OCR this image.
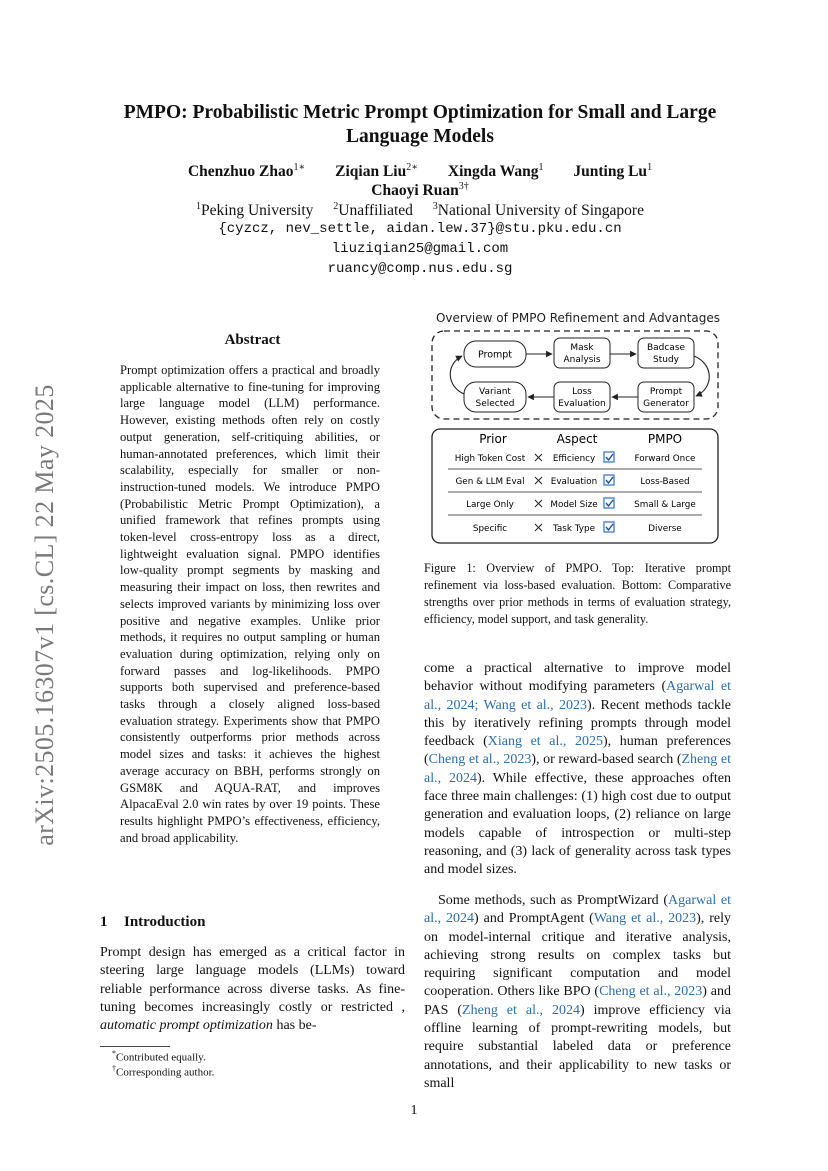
arXiv:2505.16307v1 [cs.CL] 22 May 2025
PMPO: Probabilistic Metric Prompt Optimization for Small and Large
Language Models
Chenzhuo Zhao$^{1∗}$ Ziqian Liu$^{2∗}$ Xingda Wang$^1$ Junting Lu$^1$
Chaoyi Ruan$^{3\dagger}$
$^1$Peking University $^2$Unaffiliated $^3$National University of Singapore
{cyzcz, nev_settle, aidan.lew.37}@stu.pku.edu.cn
liuziqian25@gmail.com
ruancy@comp.nus.edu.sg
Abstract

Prompt optimization offers a practical and broadly applicable alternative to fine-tuning for improving large language model (LLM) performance. However, existing methods often rely on costly output generation, self-critiquing abilities, or human-annotated preferences, which limit their scalability, especially for smaller or non-instruction-tuned models. We introduce PMPO (Probabilistic Metric Prompt Optimization), a unified framework that refines prompts using token-level cross-entropy loss as a direct, lightweight evaluation signal. PMPO identifies low-quality prompt segments by masking and measuring their impact on loss, then rewrites and selects improved variants by minimizing loss over positive and negative examples. Unlike prior methods, it requires no output sampling or human evaluation during optimization, relying only on forward passes and log-likelihoods. PMPO supports both supervised and preference-based tasks through a closely aligned loss-based evaluation strategy. Experiments show that PMPO consistently outperforms prior methods across model sizes and tasks: it achieves the highest average accuracy on BBH, performs strongly on GSM8K and AQUA-RAT, and improves AlpacaEval 2.0 win rates by over 19 points. These results highlight PMPO’s effectiveness, efficiency, and broad applicability.

1 Introduction

Prompt design has emerged as a critical factor in steering large language models (LLMs) toward reliable performance across diverse tasks. As fine-tuning becomes increasingly costly or restricted , automatic prompt optimization has be-

*Contributed equally.
†Corresponding author.
Overview of PMPO Refinement and Advantages
Prompt
Mask
Analysis
Badcase
Study
Variant
Selected
Loss
Evaluation
Prompt
Generator
Prior	Aspect	PMPO
High Token Cost	Efficiency	Forward Once
Gen & LLM Eval	Evaluation	Loss-Based
Large Only	Model Size	Small & Large
Specific	Task Type	Diverse

Figure 1: Overview of PMPO. Top: Iterative prompt refinement via loss-based evaluation. Bottom: Comparative strengths over prior methods in terms of evaluation strategy, efficiency, model support, and task generality.

come a practical alternative to improve model behavior without modifying parameters (Agarwal et al., 2024; Wang et al., 2023). Recent methods tackle this by iteratively refining prompts through model feedback (Xiang et al., 2025), human preferences (Cheng et al., 2023), or reward-based search (Zheng et al., 2024). While effective, these approaches often face three main challenges: (1) high cost due to output generation and evaluation loops, (2) reliance on large models capable of introspection or multi-step reasoning, and (3) lack of generality across task types and model sizes.

Some methods, such as PromptWizard (Agarwal et al., 2024) and PromptAgent (Wang et al., 2023), rely on model-internal critique and iterative analysis, achieving strong results on complex tasks but requiring significant computation and model cooperation. Others like BPO (Cheng et al., 2023) and PAS (Zheng et al., 2024) improve efficiency via offline learning of prompt-rewriting models, but require substantial labeled data or preference annotations, and their applicability to new tasks or small

1
